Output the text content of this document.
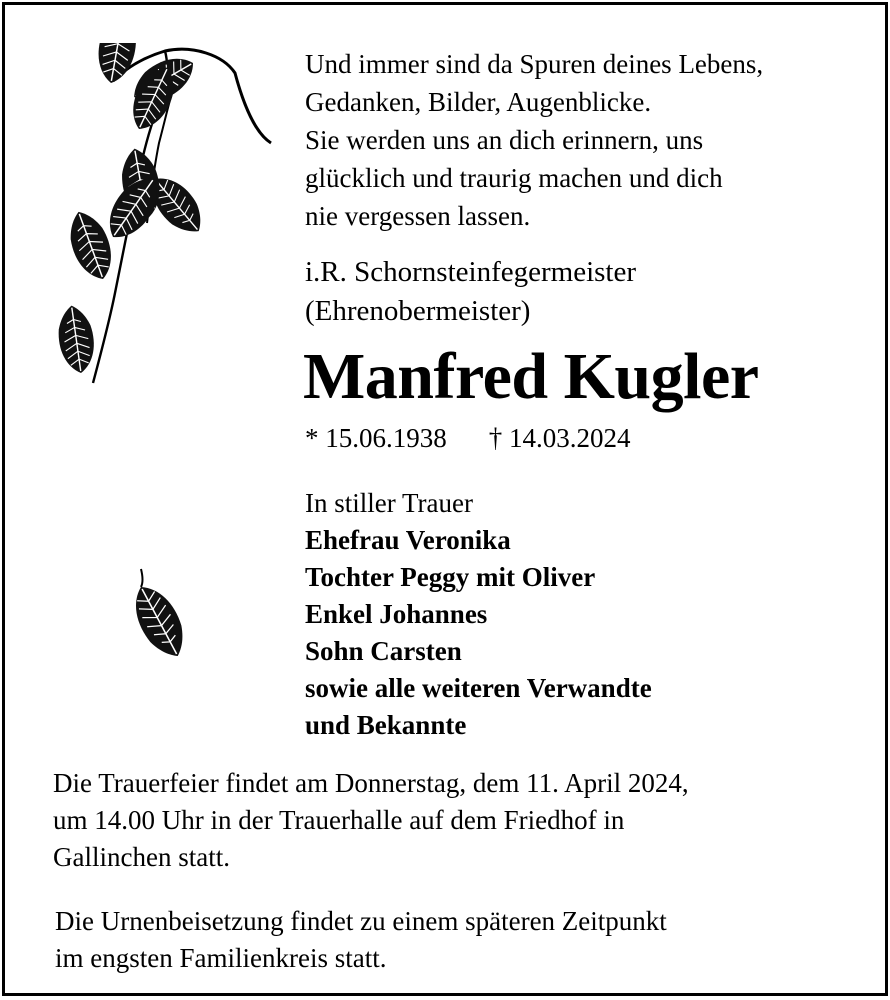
Und immer sind da Spuren deines Lebens,
Gedanken, Bilder, Augenblicke.
Sie werden uns an dich erinnern, uns
glücklich und traurig machen und dich
nie vergessen lassen.
i.R. Schornsteinfegermeister
(Ehrenobermeister)
Manfred Kugler
* 15.06.1938 † 14.03.2024
In stiller Trauer
Ehefrau Veronika
Tochter Peggy mit Oliver
Enkel Johannes
Sohn Carsten
sowie alle weiteren Verwandte
und Bekannte
Die Trauerfeier findet am Donnerstag, dem 11. April 2024,
um 14.00 Uhr in der Trauerhalle auf dem Friedhof in
Gallinchen statt.
Die Urnenbeisetzung findet zu einem späteren Zeitpunkt
im engsten Familienkreis statt.
